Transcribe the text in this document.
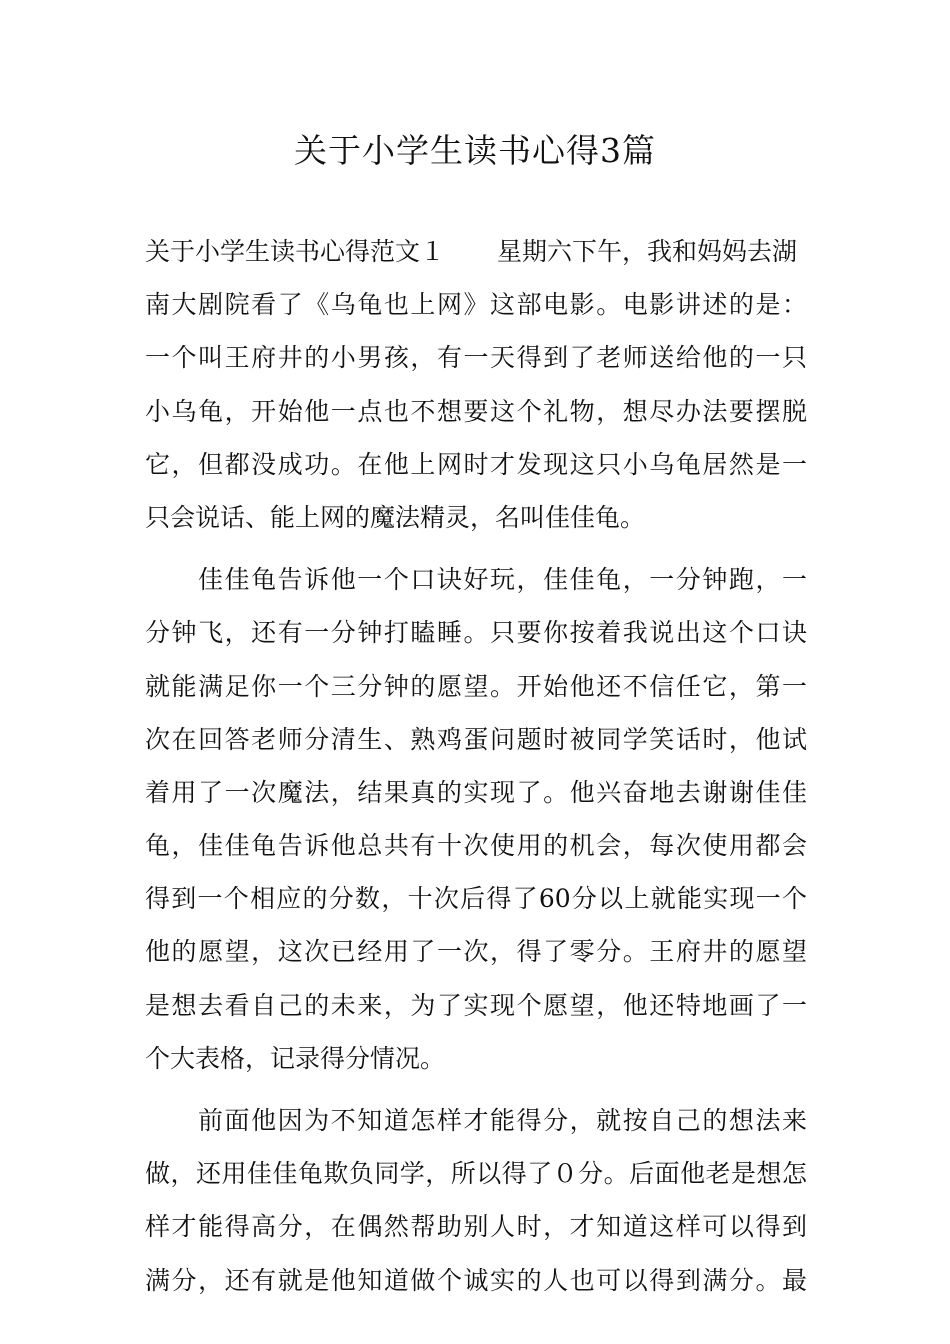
关于小学生读书心得3篇
关于小学生读书心得范文１ 星期六下午，我和妈妈去湖
南大剧院看了《乌龟也上网》这部电影。电影讲述的是：
一个叫王府井的小男孩，有一天得到了老师送给他的一只
小乌龟，开始他一点也不想要这个礼物，想尽办法要摆脱
它，但都没成功。在他上网时才发现这只小乌龟居然是一
只会说话、能上网的魔法精灵，名叫佳佳龟。
佳佳龟告诉他一个口诀好玩，佳佳龟，一分钟跑，一
分钟飞，还有一分钟打瞌睡。只要你按着我说出这个口诀
就能满足你一个三分钟的愿望。开始他还不信任它，第一
次在回答老师分清生、熟鸡蛋问题时被同学笑话时，他试
着用了一次魔法，结果真的实现了。他兴奋地去谢谢佳佳
龟，佳佳龟告诉他总共有十次使用的机会，每次使用都会
得到一个相应的分数，十次后得了60分以上就能实现一个
他的愿望，这次已经用了一次，得了零分。王府井的愿望
是想去看自己的未来，为了实现个愿望，他还特地画了一
个大表格，记录得分情况。
前面他因为不知道怎样才能得分，就按自己的想法来
做，还用佳佳龟欺负同学，所以得了０分。后面他老是想怎
样才能得高分，在偶然帮助别人时，才知道这样可以得到
满分，还有就是他知道做个诚实的人也可以得到满分。最
